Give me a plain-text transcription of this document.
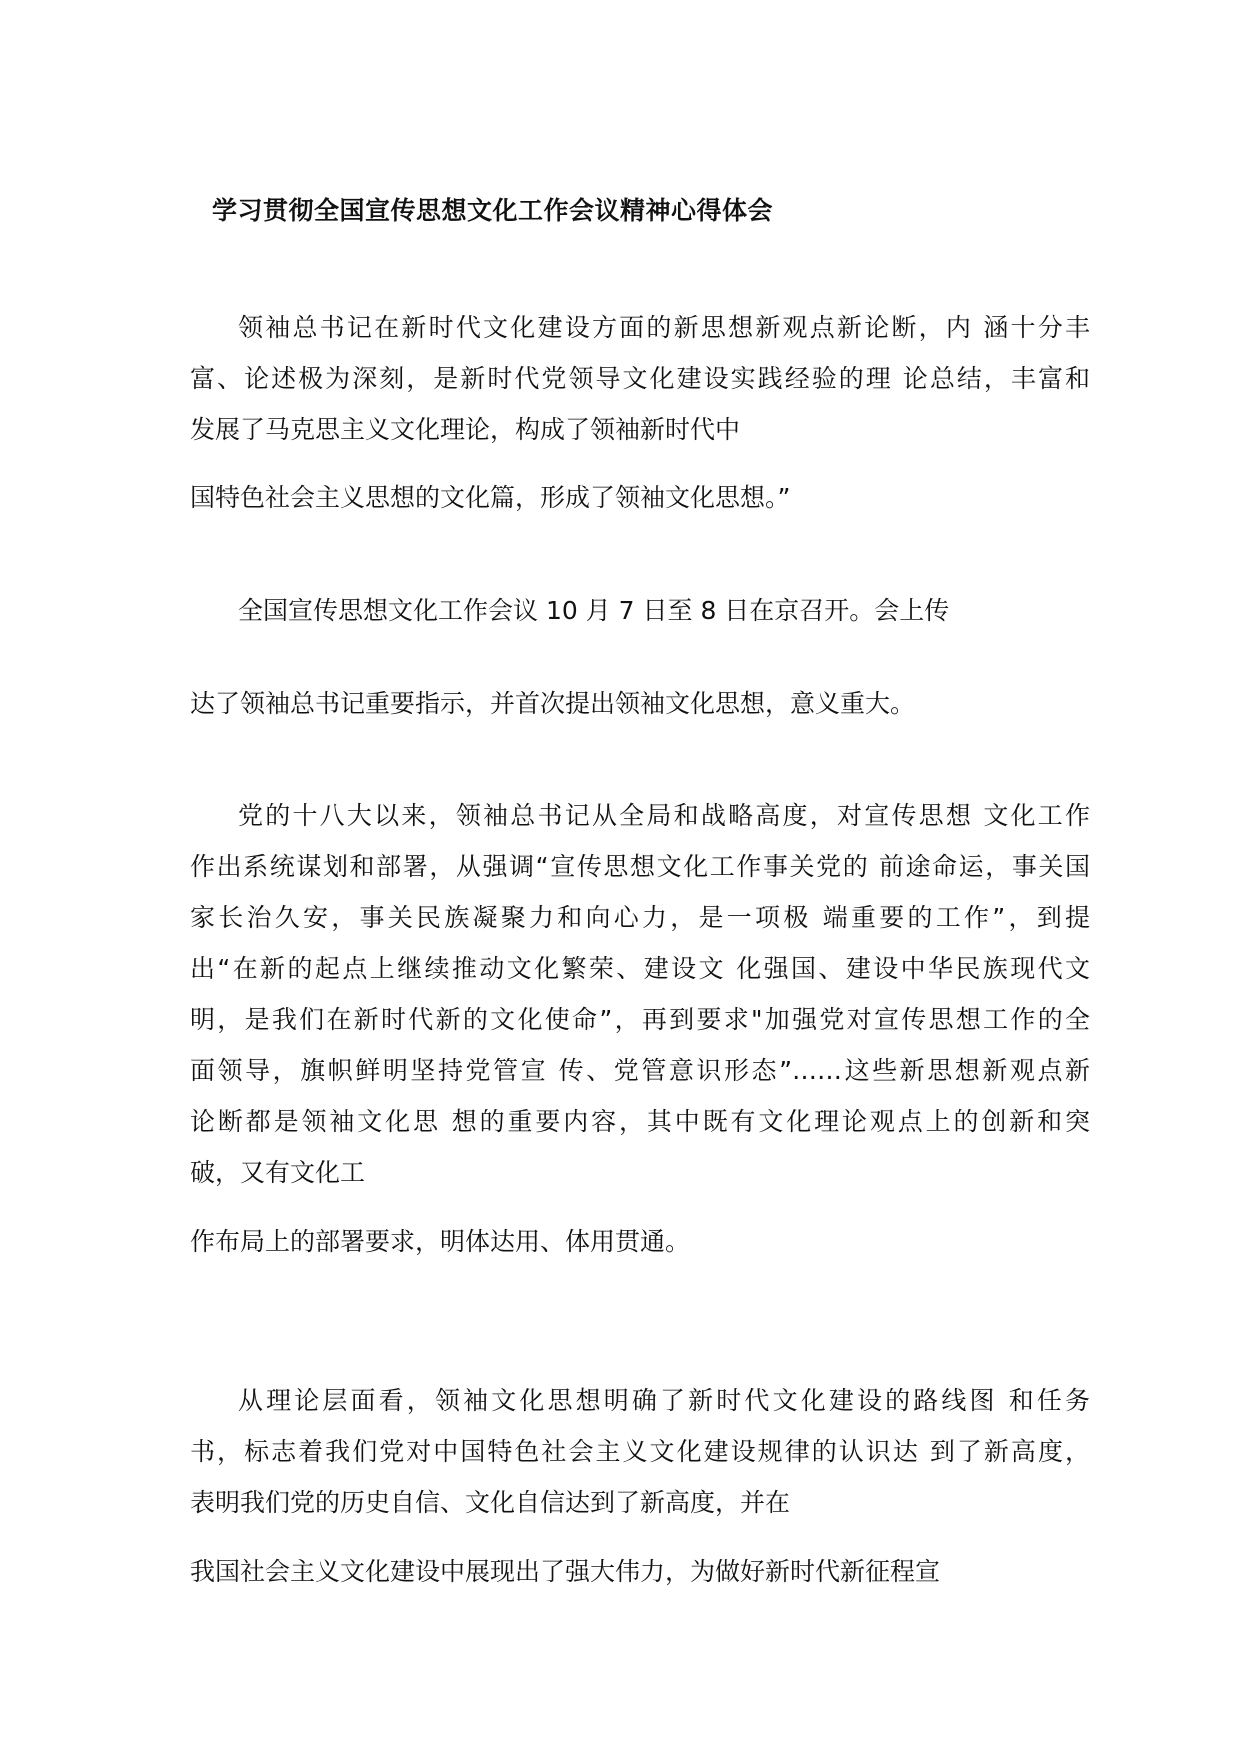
学习贯彻全国宣传思想文化工作会议精神心得体会
领袖总书记在新时代文化建设方面的新思想新观点新论断，内 涵十分丰
富、论述极为深刻，是新时代党领导文化建设实践经验的理 论总结，丰富和
发展了马克思主义文化理论，构成了领袖新时代中
国特色社会主义思想的文化篇，形成了领袖文化思想。”
全国宣传思想文化工作会议 10 月 7 日至 8 日在京召开。会上传
达了领袖总书记重要指示，并首次提出领袖文化思想，意义重大。
党的十八大以来，领袖总书记从全局和战略高度，对宣传思想 文化工作
作出系统谋划和部署，从强调“宣传思想文化工作事关党的 前途命运，事关国
家长治久安，事关民族凝聚力和向心力，是一项极 端重要的工作”，到提
出“在新的起点上继续推动文化繁荣、建设文 化强国、建设中华民族现代文
明，是我们在新时代新的文化使命”，再到要求"加强党对宣传思想工作的全
面领导，旗帜鲜明坚持党管宣 传、党管意识形态”……这些新思想新观点新
论断都是领袖文化思 想的重要内容，其中既有文化理论观点上的创新和突
破，又有文化工
作布局上的部署要求，明体达用、体用贯通。
从理论层面看，领袖文化思想明确了新时代文化建设的路线图 和任务
书，标志着我们党对中国特色社会主义文化建设规律的认识达 到了新高度，
表明我们党的历史自信、文化自信达到了新高度，并在
我国社会主义文化建设中展现出了强大伟力，为做好新时代新征程宣
